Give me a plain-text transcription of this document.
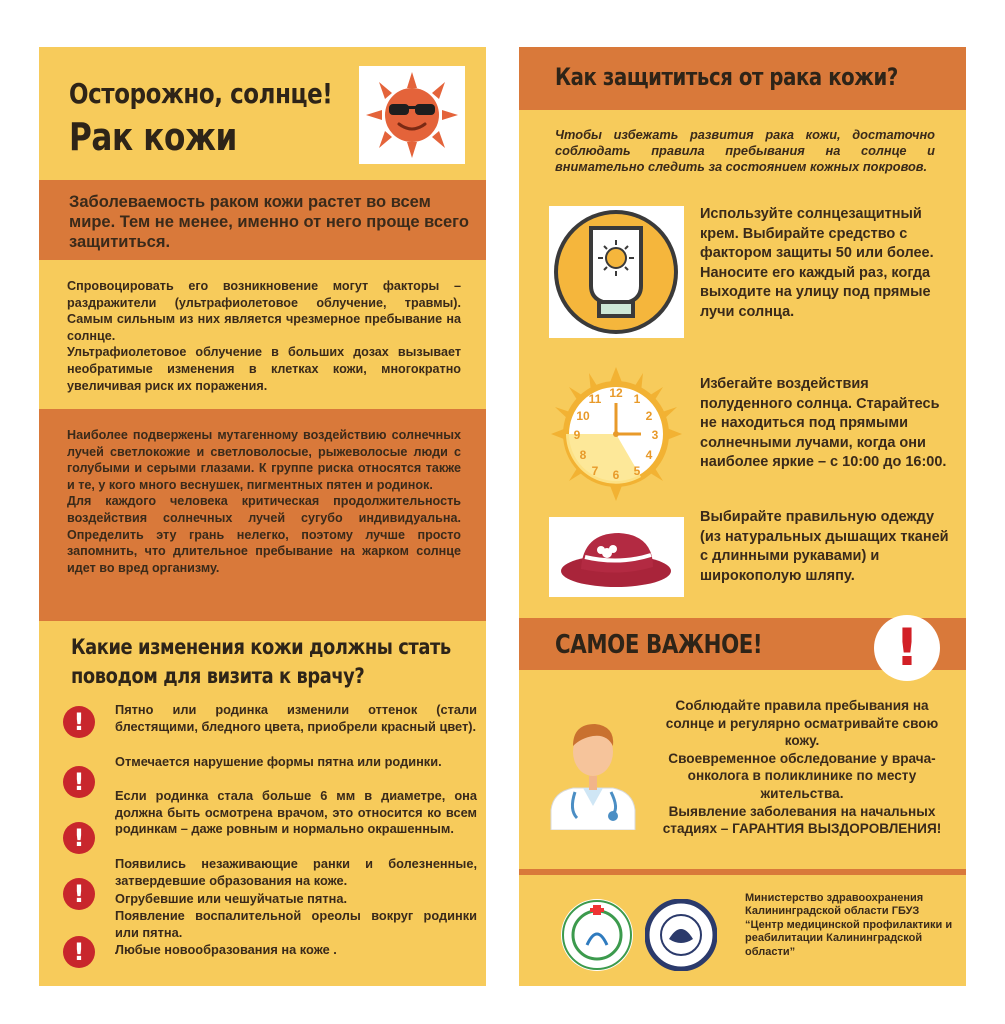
Осторожно, солнце!
Рак кожи
Заболеваемость раком кожи растет во всем мире. Тем не менее, именно от него проще всего защититься.
Спровоцировать его возникновение могут факторы – раздражители (ультрафиолетовое облучение, травмы). Самым сильным из них является чрезмерное пребывание на солнце.
Ультрафиолетовое облучение в больших дозах вызывает необратимые изменения в клетках кожи, многократно увеличивая риск их поражения.
Наиболее подвержены мутагенному воздействию солнечных лучей светлокожие и светловолосые, рыжеволосые люди с голубыми и серыми глазами. К группе риска относятся также и те, у кого много веснушек, пигментных пятен и родинок.
Для каждого человека критическая продолжительность воздействия солнечных лучей сугубо индивидуальна. Определить эту грань нелегко, поэтому лучше просто запомнить, что длительное пребывание на жарком солнце идет во вред организму.
Какие изменения кожи должны стать поводом для визита к врачу?
!
!
!
!
!
Пятно или родинка изменили оттенок (стали блестящими, бледного цвета, приобрели красный цвет).
Отмечается нарушение формы пятна или родинки.
Если родинка стала больше 6 мм в диаметре, она должна быть осмотрена врачом, это относится ко всем родинкам – даже ровным и нормально окрашенным.
Появились незаживающие ранки и болезненные, затвердевшие образования на коже.
Огрубевшие или чешуйчатые пятна.
Появление воспалительной ореолы вокруг родинки или пятна.
Любые новообразования на коже .
Как защититься от рака кожи?
Чтобы избежать развития рака кожи, достаточно соблюдать правила пребывания на солнце и внимательно следить за состоянием кожных покровов.
Используйте солнцезащитный крем. Выбирайте средство с фактором защиты 50 или более. Наносите его каждый раз, когда выходите на улицу под прямые лучи солнца.
12 1
2
3
4
5
6
7
8
9
10
11
Избегайте воздействия полуденного солнца. Старайтесь не находиться под прямыми солнечными лучами, когда они наиболее яркие – с 10:00 до 16:00.
Выбирайте правильную одежду (из натуральных дышащих тканей с длинными рукавами) и широкополую шляпу.
САМОЕ ВАЖНОЕ!	!
Соблюдайте правила пребывания на солнце и регулярно осматривайте свою кожу.
Своевременное обследование у врача-онколога в поликлинике по месту жительства.
Выявление заболевания на начальных стадиях – ГАРАНТИЯ ВЫЗДОРОВЛЕНИЯ!
Министерство здравоохранения Калининградской области ГБУЗ “Центр медицинской профилактики и реабилитации Калининградской области”
